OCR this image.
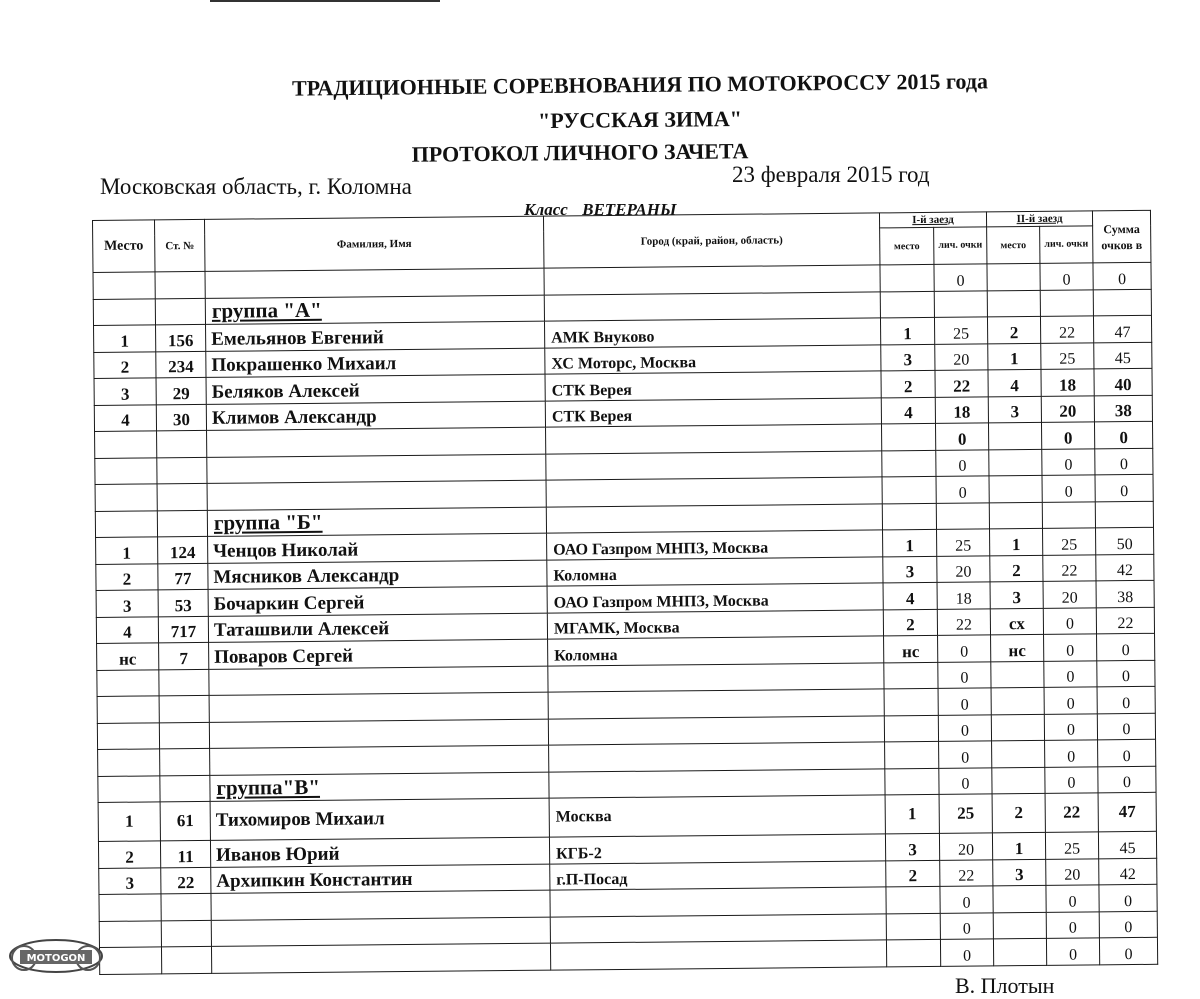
ТРАДИЦИОННЫЕ СОРЕВНОВАНИЯ ПО МОТОКРОССУ 2015 года
"РУССКАЯ ЗИМА"
ПРОТОКОЛ ЛИЧНОГО ЗАЧЕТА
Московская область, г. Коломна	23 февраля 2015 год
Класс ВЕТЕРАНЫ
Место	Ст. №	Фамилия, Имя	Город (край, район, область)	I-й заезд		II-й заезд		Сумма очков в
				место	лич. очки	место	лич. очки	
					0		0	0
		группа "А"						
1	156	Емельянов Евгений	АМК Внуково	1	25	2	22	47
2	234	Покрашенко Михаил	ХС Моторс, Москва	3	20	1	25	45
3	29	Беляков Алексей	СТК Верея	2	22	4	18	40
4	30	Климов Александр	СТК Верея	4	18	3	20	38
					0		0	0
					0		0	0
					0		0	0
		группа "Б"						
1	124	Ченцов Николай	ОАО Газпром МНПЗ, Москва	1	25	1	25	50
2	77	Мясников Александр	Коломна	3	20	2	22	42
3	53	Бочаркин Сергей	ОАО Газпром МНПЗ, Москва	4	18	3	20	38
4	717	Таташвили Алексей	МГАМК, Москва	2	22	сх	0	22
нс	7	Поваров Сергей	Коломна	нс	0	нс	0	0
					0		0	0
					0		0	0
					0		0	0
					0		0	0
		группа"В"			0		0	0
1	61	Тихомиров Михаил	Москва	1	25	2	22	47
2	11	Иванов Юрий	КГБ-2	3	20	1	25	45
3	22	Архипкин Константин	г.П-Посад	2	22	3	20	42
					0		0	0
					0		0	0
					0		0	0
MOTOGON
В. Плотын
